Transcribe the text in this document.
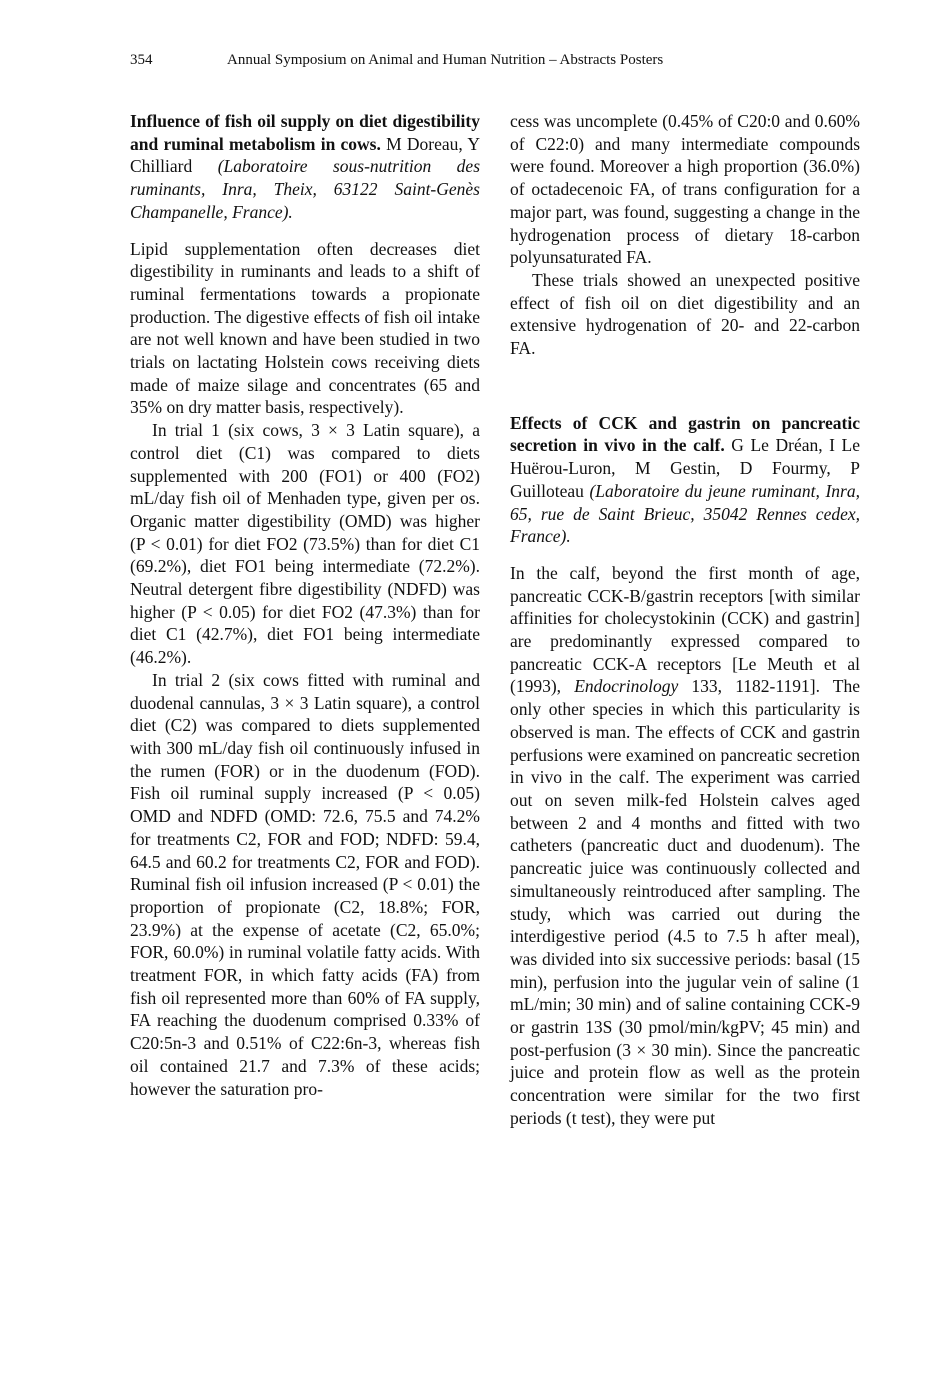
354	Annual Symposium on Animal and Human Nutrition – Abstracts Posters

Influence of fish oil supply on diet digestibility and ruminal metabolism in cows. M Doreau, Y Chilliard (Laboratoire sous-nutrition des ruminants, Inra, Theix, 63122 Saint-Genès Champanelle, France).

Lipid supplementation often decreases diet digestibility in ruminants and leads to a shift of ruminal fermentations towards a propionate production. The digestive effects of fish oil intake are not well known and have been studied in two trials on lactating Holstein cows receiving diets made of maize silage and concentrates (65 and 35% on dry matter basis, respectively).

In trial 1 (six cows, 3 × 3 Latin square), a control diet (C1) was compared to diets supplemented with 200 (FO1) or 400 (FO2) mL/day fish oil of Menhaden type, given per os. Organic matter digestibility (OMD) was higher (P < 0.01) for diet FO2 (73.5%) than for diet C1 (69.2%), diet FO1 being intermediate (72.2%). Neutral detergent fibre digestibility (NDFD) was higher (P < 0.05) for diet FO2 (47.3%) than for diet C1 (42.7%), diet FO1 being intermediate (46.2%).

In trial 2 (six cows fitted with ruminal and duodenal cannulas, 3 × 3 Latin square), a control diet (C2) was compared to diets supplemented with 300 mL/day fish oil continuously infused in the rumen (FOR) or in the duodenum (FOD). Fish oil ruminal supply increased (P < 0.05) OMD and NDFD (OMD: 72.6, 75.5 and 74.2% for treatments C2, FOR and FOD; NDFD: 59.4, 64.5 and 60.2 for treatments C2, FOR and FOD). Ruminal fish oil infusion increased (P < 0.01) the proportion of propionate (C2, 18.8%; FOR, 23.9%) at the expense of acetate (C2, 65.0%; FOR, 60.0%) in ruminal volatile fatty acids. With treatment FOR, in which fatty acids (FA) from fish oil represented more than 60% of FA supply, FA reaching the duodenum comprised 0.33% of C20:5n-3 and 0.51% of C22:6n-3, whereas fish oil contained 21.7 and 7.3% of these acids; however the saturation pro-

cess was uncomplete (0.45% of C20:0 and 0.60% of C22:0) and many intermediate compounds were found. Moreover a high proportion (36.0%) of octadecenoic FA, of trans configuration for a major part, was found, suggesting a change in the hydrogenation process of dietary 18-carbon polyunsaturated FA.

These trials showed an unexpected positive effect of fish oil on diet digestibility and an extensive hydrogenation of 20- and 22-carbon FA.

Effects of CCK and gastrin on pancreatic secretion in vivo in the calf. G Le Dréan, I Le Huërou-Luron, M Gestin, D Fourmy, P Guilloteau (Laboratoire du jeune ruminant, Inra, 65, rue de Saint Brieuc, 35042 Rennes cedex, France).

In the calf, beyond the first month of age, pancreatic CCK-B/gastrin receptors [with similar affinities for cholecystokinin (CCK) and gastrin] are predominantly expressed compared to pancreatic CCK-A receptors [Le Meuth et al (1993), Endocrinology 133, 1182-1191]. The only other species in which this particularity is observed is man. The effects of CCK and gastrin perfusions were examined on pancreatic secretion in vivo in the calf. The experiment was carried out on seven milk-fed Holstein calves aged between 2 and 4 months and fitted with two catheters (pancreatic duct and duodenum). The pancreatic juice was continuously collected and simultaneously reintroduced after sampling. The study, which was carried out during the interdigestive period (4.5 to 7.5 h after meal), was divided into six successive periods: basal (15 min), perfusion into the jugular vein of saline (1 mL/min; 30 min) and of saline containing CCK-9 or gastrin 13S (30 pmol/min/kgPV; 45 min) and post-perfusion (3 × 30 min). Since the pancreatic juice and protein flow as well as the protein concentration were similar for the two first periods (t test), they were put
